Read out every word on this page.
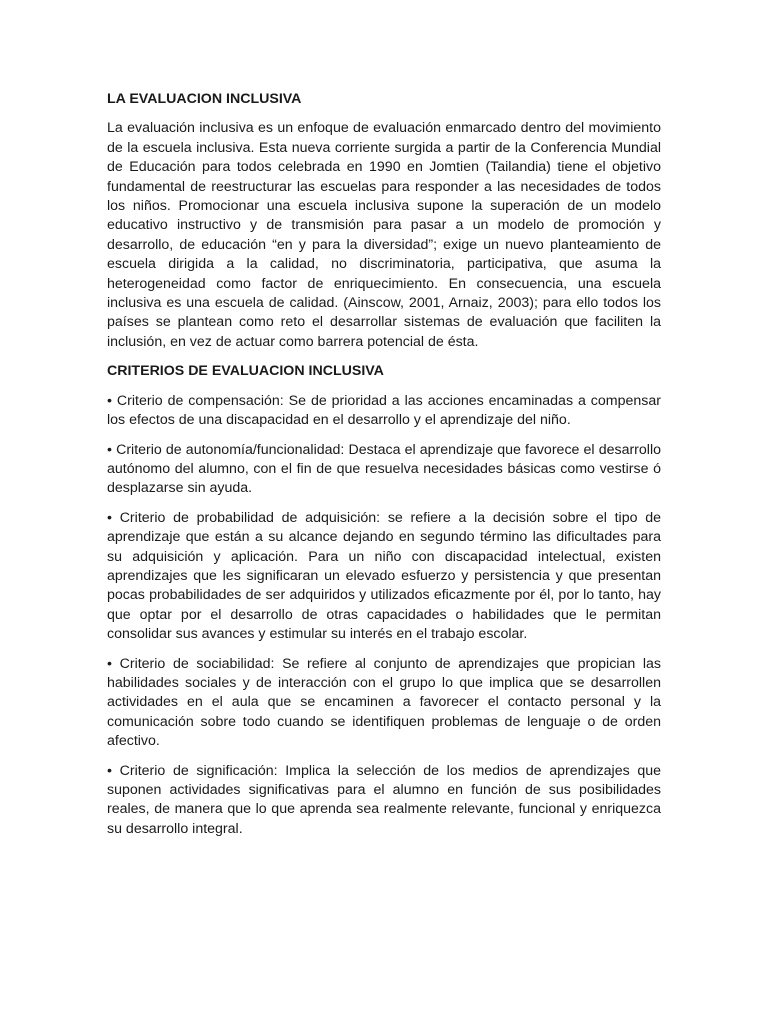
LA EVALUACION INCLUSIVA
La evaluación inclusiva es un enfoque de evaluación enmarcado dentro del movimiento de la escuela inclusiva. Esta nueva corriente surgida a partir de la Conferencia Mundial de Educación para todos celebrada en 1990 en Jomtien (Tailandia) tiene el objetivo fundamental de reestructurar las escuelas para responder a las necesidades de todos los niños. Promocionar una escuela inclusiva supone la superación de un modelo educativo instructivo y de transmisión para pasar a un modelo de promoción y desarrollo, de educación “en y para la diversidad”; exige un nuevo planteamiento de escuela dirigida a la calidad, no discriminatoria, participativa, que asuma la heterogeneidad como factor de enriquecimiento. En consecuencia, una escuela inclusiva es una escuela de calidad. (Ainscow, 2001, Arnaiz, 2003); para ello todos los países se plantean como reto el desarrollar sistemas de evaluación que faciliten la inclusión, en vez de actuar como barrera potencial de ésta.
CRITERIOS DE EVALUACION INCLUSIVA
• Criterio de compensación: Se de prioridad a las acciones encaminadas a compensar los efectos de una discapacidad en el desarrollo y el aprendizaje del niño.
• Criterio de autonomía/funcionalidad: Destaca el aprendizaje que favorece el desarrollo autónomo del alumno, con el fin de que resuelva necesidades básicas como vestirse ó desplazarse sin ayuda.
• Criterio de probabilidad de adquisición: se refiere a la decisión sobre el tipo de aprendizaje que están a su alcance dejando en segundo término las dificultades para su adquisición y aplicación. Para un niño con discapacidad intelectual, existen aprendizajes que les significaran un elevado esfuerzo y persistencia y que presentan pocas probabilidades de ser adquiridos y utilizados eficazmente por él, por lo tanto, hay que optar por el desarrollo de otras capacidades o habilidades que le permitan consolidar sus avances y estimular su interés en el trabajo escolar.
• Criterio de sociabilidad: Se refiere al conjunto de aprendizajes que propician las habilidades sociales y de interacción con el grupo lo que implica que se desarrollen actividades en el aula que se encaminen a favorecer el contacto personal y la comunicación sobre todo cuando se identifiquen problemas de lenguaje o de orden afectivo.
• Criterio de significación: Implica la selección de los medios de aprendizajes que suponen actividades significativas para el alumno en función de sus posibilidades reales, de manera que lo que aprenda sea realmente relevante, funcional y enriquezca su desarrollo integral.
